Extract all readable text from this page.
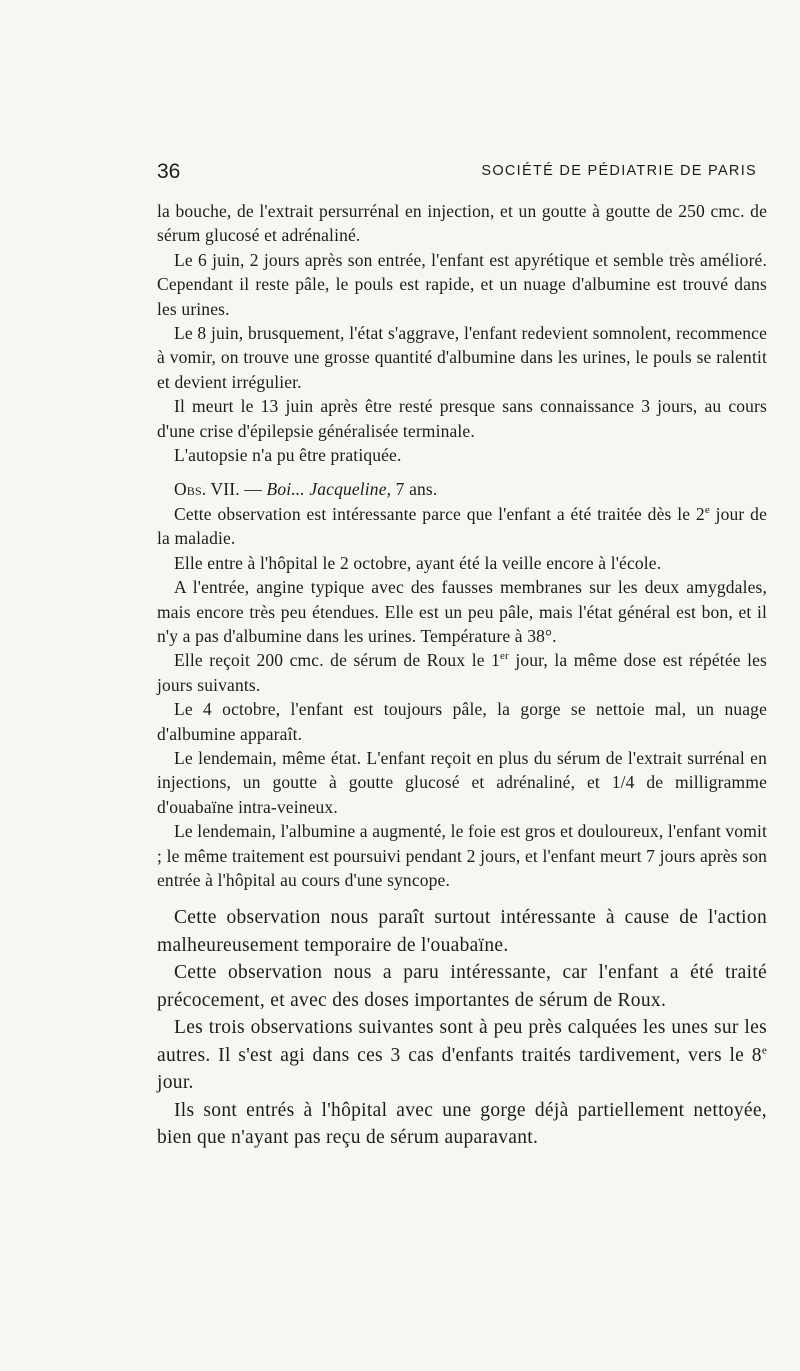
36	SOCIÉTÉ DE PÉDIATRIE DE PARIS

la bouche, de l'extrait persurrénal en injection, et un goutte à goutte de 250 cmc. de sérum glucosé et adrénaliné.

Le 6 juin, 2 jours après son entrée, l'enfant est apyrétique et semble très amélioré. Cependant il reste pâle, le pouls est rapide, et un nuage d'albumine est trouvé dans les urines.

Le 8 juin, brusquement, l'état s'aggrave, l'enfant redevient somnolent, recommence à vomir, on trouve une grosse quantité d'albumine dans les urines, le pouls se ralentit et devient irrégulier.

Il meurt le 13 juin après être resté presque sans connaissance 3 jours, au cours d'une crise d'épilepsie généralisée terminale.

L'autopsie n'a pu être pratiquée.

Obs. VII. — Boi... Jacqueline, 7 ans.

Cette observation est intéressante parce que l'enfant a été traitée dès le 2e jour de la maladie.

Elle entre à l'hôpital le 2 octobre, ayant été la veille encore à l'école.

A l'entrée, angine typique avec des fausses membranes sur les deux amygdales, mais encore très peu étendues. Elle est un peu pâle, mais l'état général est bon, et il n'y a pas d'albumine dans les urines. Température à 38°.

Elle reçoit 200 cmc. de sérum de Roux le 1er jour, la même dose est répétée les jours suivants.

Le 4 octobre, l'enfant est toujours pâle, la gorge se nettoie mal, un nuage d'albumine apparaît.

Le lendemain, même état. L'enfant reçoit en plus du sérum de l'extrait surrénal en injections, un goutte à goutte glucosé et adrénaliné, et 1/4 de milligramme d'ouabaïne intra-veineux.

Le lendemain, l'albumine a augmenté, le foie est gros et douloureux, l'enfant vomit ; le même traitement est poursuivi pendant 2 jours, et l'enfant meurt 7 jours après son entrée à l'hôpital au cours d'une syncope.

Cette observation nous paraît surtout intéressante à cause de l'action malheureusement temporaire de l'ouabaïne.

Cette observation nous a paru intéressante, car l'enfant a été traité précocement, et avec des doses importantes de sérum de Roux.

Les trois observations suivantes sont à peu près calquées les unes sur les autres. Il s'est agi dans ces 3 cas d'enfants traités tardivement, vers le 8e jour.

Ils sont entrés à l'hôpital avec une gorge déjà partiellement nettoyée, bien que n'ayant pas reçu de sérum auparavant.
